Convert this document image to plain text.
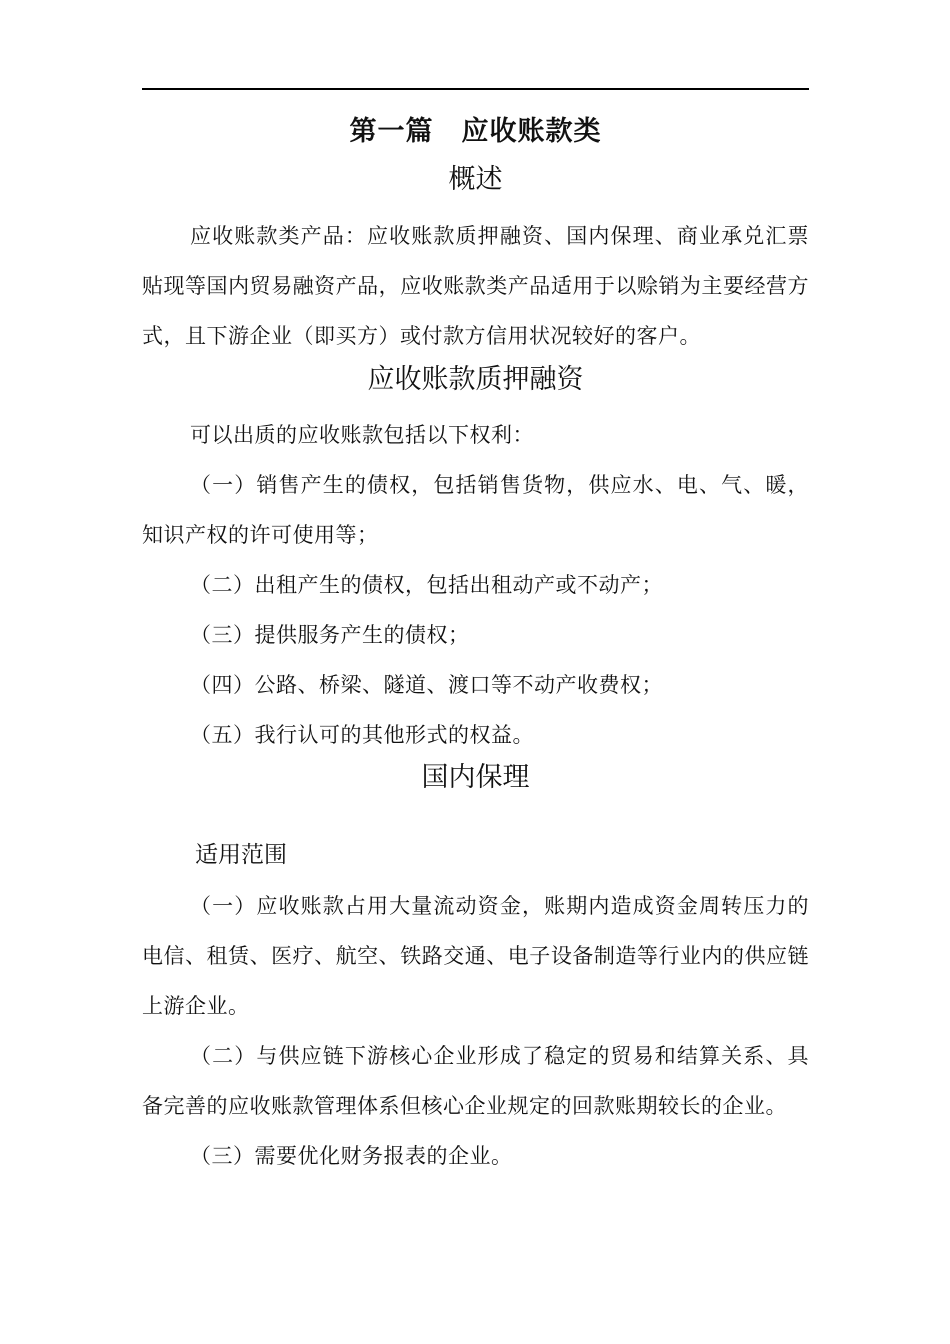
第一篇 应收账款类
概述

应收账款类产品：应收账款质押融资、国内保理、商业承兑汇票贴现等国内贸易融资产品，应收账款类产品适用于以赊销为主要经营方式，且下游企业（即买方）或付款方信用状况较好的客户。

应收账款质押融资

可以出质的应收账款包括以下权利：

（一）销售产生的债权，包括销售货物，供应水、电、气、暖，知识产权的许可使用等；

（二）出租产生的债权，包括出租动产或不动产；

（三）提供服务产生的债权；

（四）公路、桥梁、隧道、渡口等不动产收费权；

（五）我行认可的其他形式的权益。

国内保理
适用范围

（一）应收账款占用大量流动资金，账期内造成资金周转压力的电信、租赁、医疗、航空、铁路交通、电子设备制造等行业内的供应链上游企业。

（二）与供应链下游核心企业形成了稳定的贸易和结算关系、具备完善的应收账款管理体系但核心企业规定的回款账期较长的企业。

（三）需要优化财务报表的企业。
